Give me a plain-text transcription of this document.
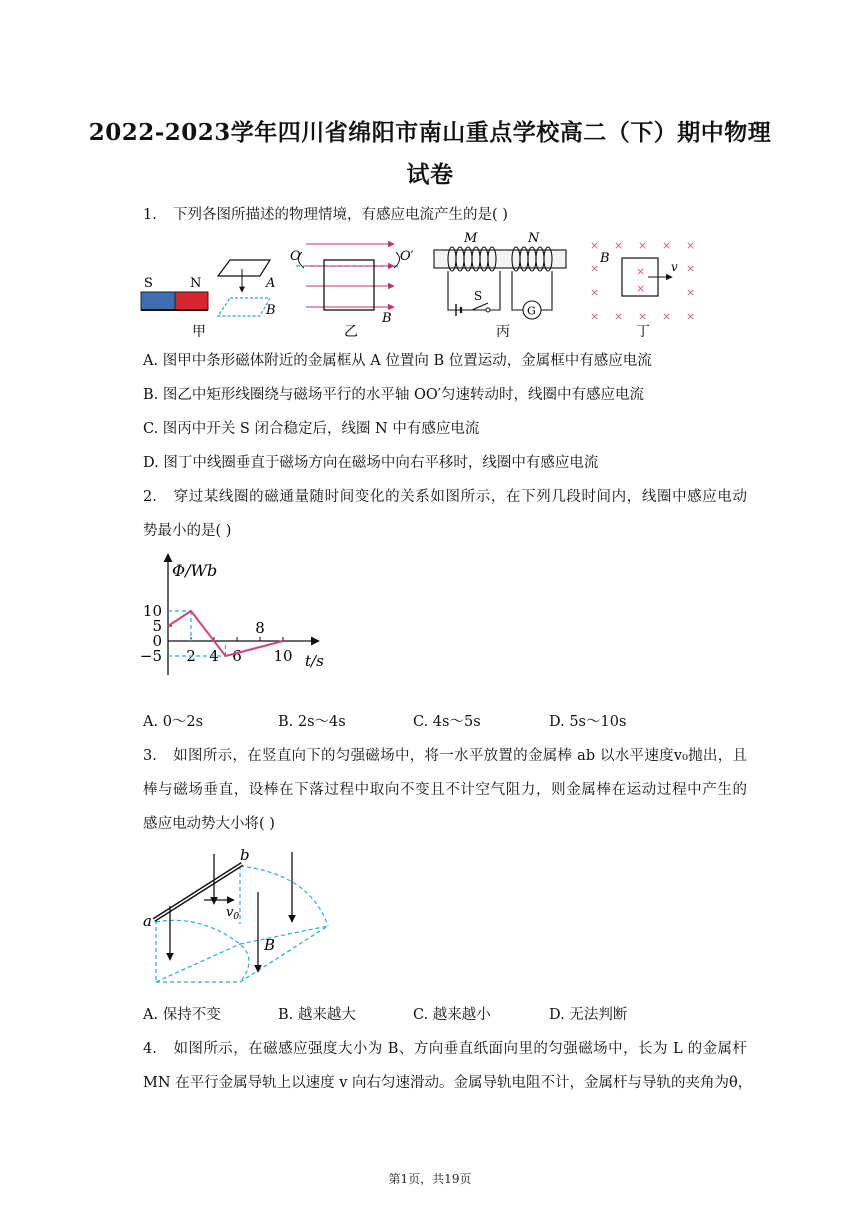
2022-2023学年四川省绵阳市南山重点学校高二（下）期中物理
试卷
1. 下列各图所描述的物理情境，有感应电流产生的是( )
S	N	A
B
甲
O	O′
B
乙
G
S
M	N
丙
× × × × ×
×	×
×	×
× × × × ×
×
×
B
v
丁
A. 图甲中条形磁体附近的金属框从 A 位置向 B 位置运动，金属框中有感应电流
B. 图乙中矩形线圈绕与磁场平行的水平轴 OO′匀速转动时，线圈中有感应电流
C. 图丙中开关 S 闭合稳定后，线圈 N 中有感应电流
D. 图丁中线圈垂直于磁场方向在磁场中向右平移时，线圈中有感应电流
2. 穿过某线圈的磁通量随时间变化的关系如图所示，在下列几段时间内，线圈中感应电动
势最小的是( )
Φ/Wb
t/s
10
5
0
−5 2 4 6
8
10
A. 0～2s	B. 2s～4s	C. 4s～5s	D. 5s～10s
3. 如图所示，在竖直向下的匀强磁场中，将一水平放置的金属棒 ab 以水平速度v₀抛出，且
棒与磁场垂直，设棒在下落过程中取向不变且不计空气阻力，则金属棒在运动过程中产生的
感应电动势大小将( )
a
b
$v_0$
B
A. 保持不变	B. 越来越大	C. 越来越小	D. 无法判断
4. 如图所示，在磁感应强度大小为 B、方向垂直纸面向里的匀强磁场中，长为 L 的金属杆
MN 在平行金属导轨上以速度 v 向右匀速滑动。金属导轨电阻不计，金属杆与导轨的夹角为θ，
第1页，共19页
